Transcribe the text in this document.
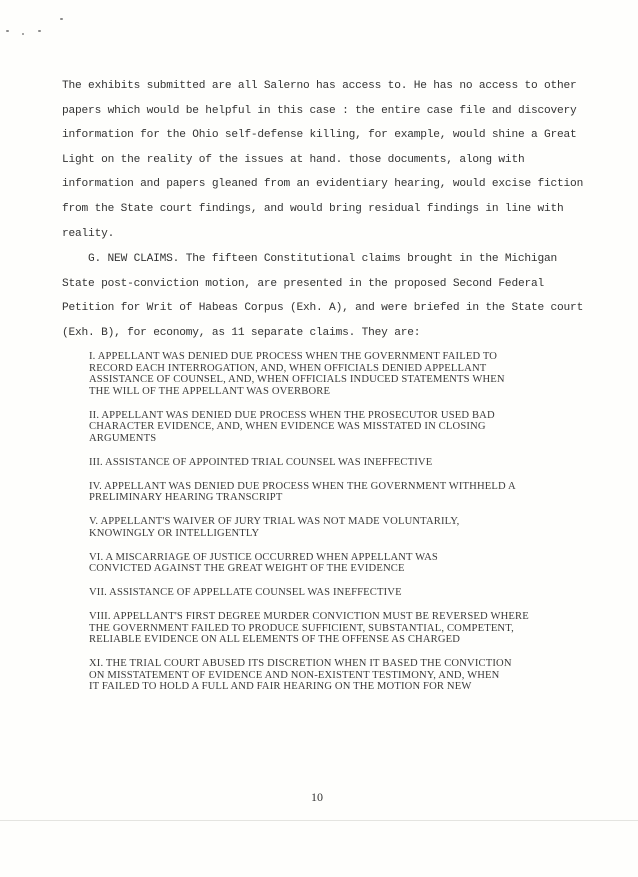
The exhibits submitted are all Salerno has access to. He has no access to other
papers which would be helpful in this case : the entire case file and discovery
information for the Ohio self-defense killing, for example, would shine a Great
Light on the reality of the issues at hand. those documents, along with
information and papers gleaned from an evidentiary hearing, would excise fiction
from the State court findings, and would bring residual findings in line with
reality.
G. NEW CLAIMS. The fifteen Constitutional claims brought in the Michigan
State post-conviction motion, are presented in the proposed Second Federal
Petition for Writ of Habeas Corpus (Exh. A), and were briefed in the State court
(Exh. B), for economy, as 11 separate claims. They are:
I. APPELLANT WAS DENIED DUE PROCESS WHEN THE GOVERNMENT FAILED TO
RECORD EACH INTERROGATION, AND, WHEN OFFICIALS DENIED APPELLANT
ASSISTANCE OF COUNSEL, AND, WHEN OFFICIALS INDUCED STATEMENTS WHEN
THE WILL OF THE APPELLANT WAS OVERBORE
II. APPELLANT WAS DENIED DUE PROCESS WHEN THE PROSECUTOR USED BAD
CHARACTER EVIDENCE, AND, WHEN EVIDENCE WAS MISSTATED IN CLOSING
ARGUMENTS
III. ASSISTANCE OF APPOINTED TRIAL COUNSEL WAS INEFFECTIVE
IV. APPELLANT WAS DENIED DUE PROCESS WHEN THE GOVERNMENT WITHHELD A
PRELIMINARY HEARING TRANSCRIPT
V. APPELLANT'S WAIVER OF JURY TRIAL WAS NOT MADE VOLUNTARILY,
KNOWINGLY OR INTELLIGENTLY
VI. A MISCARRIAGE OF JUSTICE OCCURRED WHEN APPELLANT WAS
CONVICTED AGAINST THE GREAT WEIGHT OF THE EVIDENCE
VII. ASSISTANCE OF APPELLATE COUNSEL WAS INEFFECTIVE
VIII. APPELLANT'S FIRST DEGREE MURDER CONVICTION MUST BE REVERSED WHERE
THE GOVERNMENT FAILED TO PRODUCE SUFFICIENT, SUBSTANTIAL, COMPETENT,
RELIABLE EVIDENCE ON ALL ELEMENTS OF THE OFFENSE AS CHARGED
XI. THE TRIAL COURT ABUSED ITS DISCRETION WHEN IT BASED THE CONVICTION
ON MISSTATEMENT OF EVIDENCE AND NON-EXISTENT TESTIMONY, AND, WHEN
IT FAILED TO HOLD A FULL AND FAIR HEARING ON THE MOTION FOR NEW
10
